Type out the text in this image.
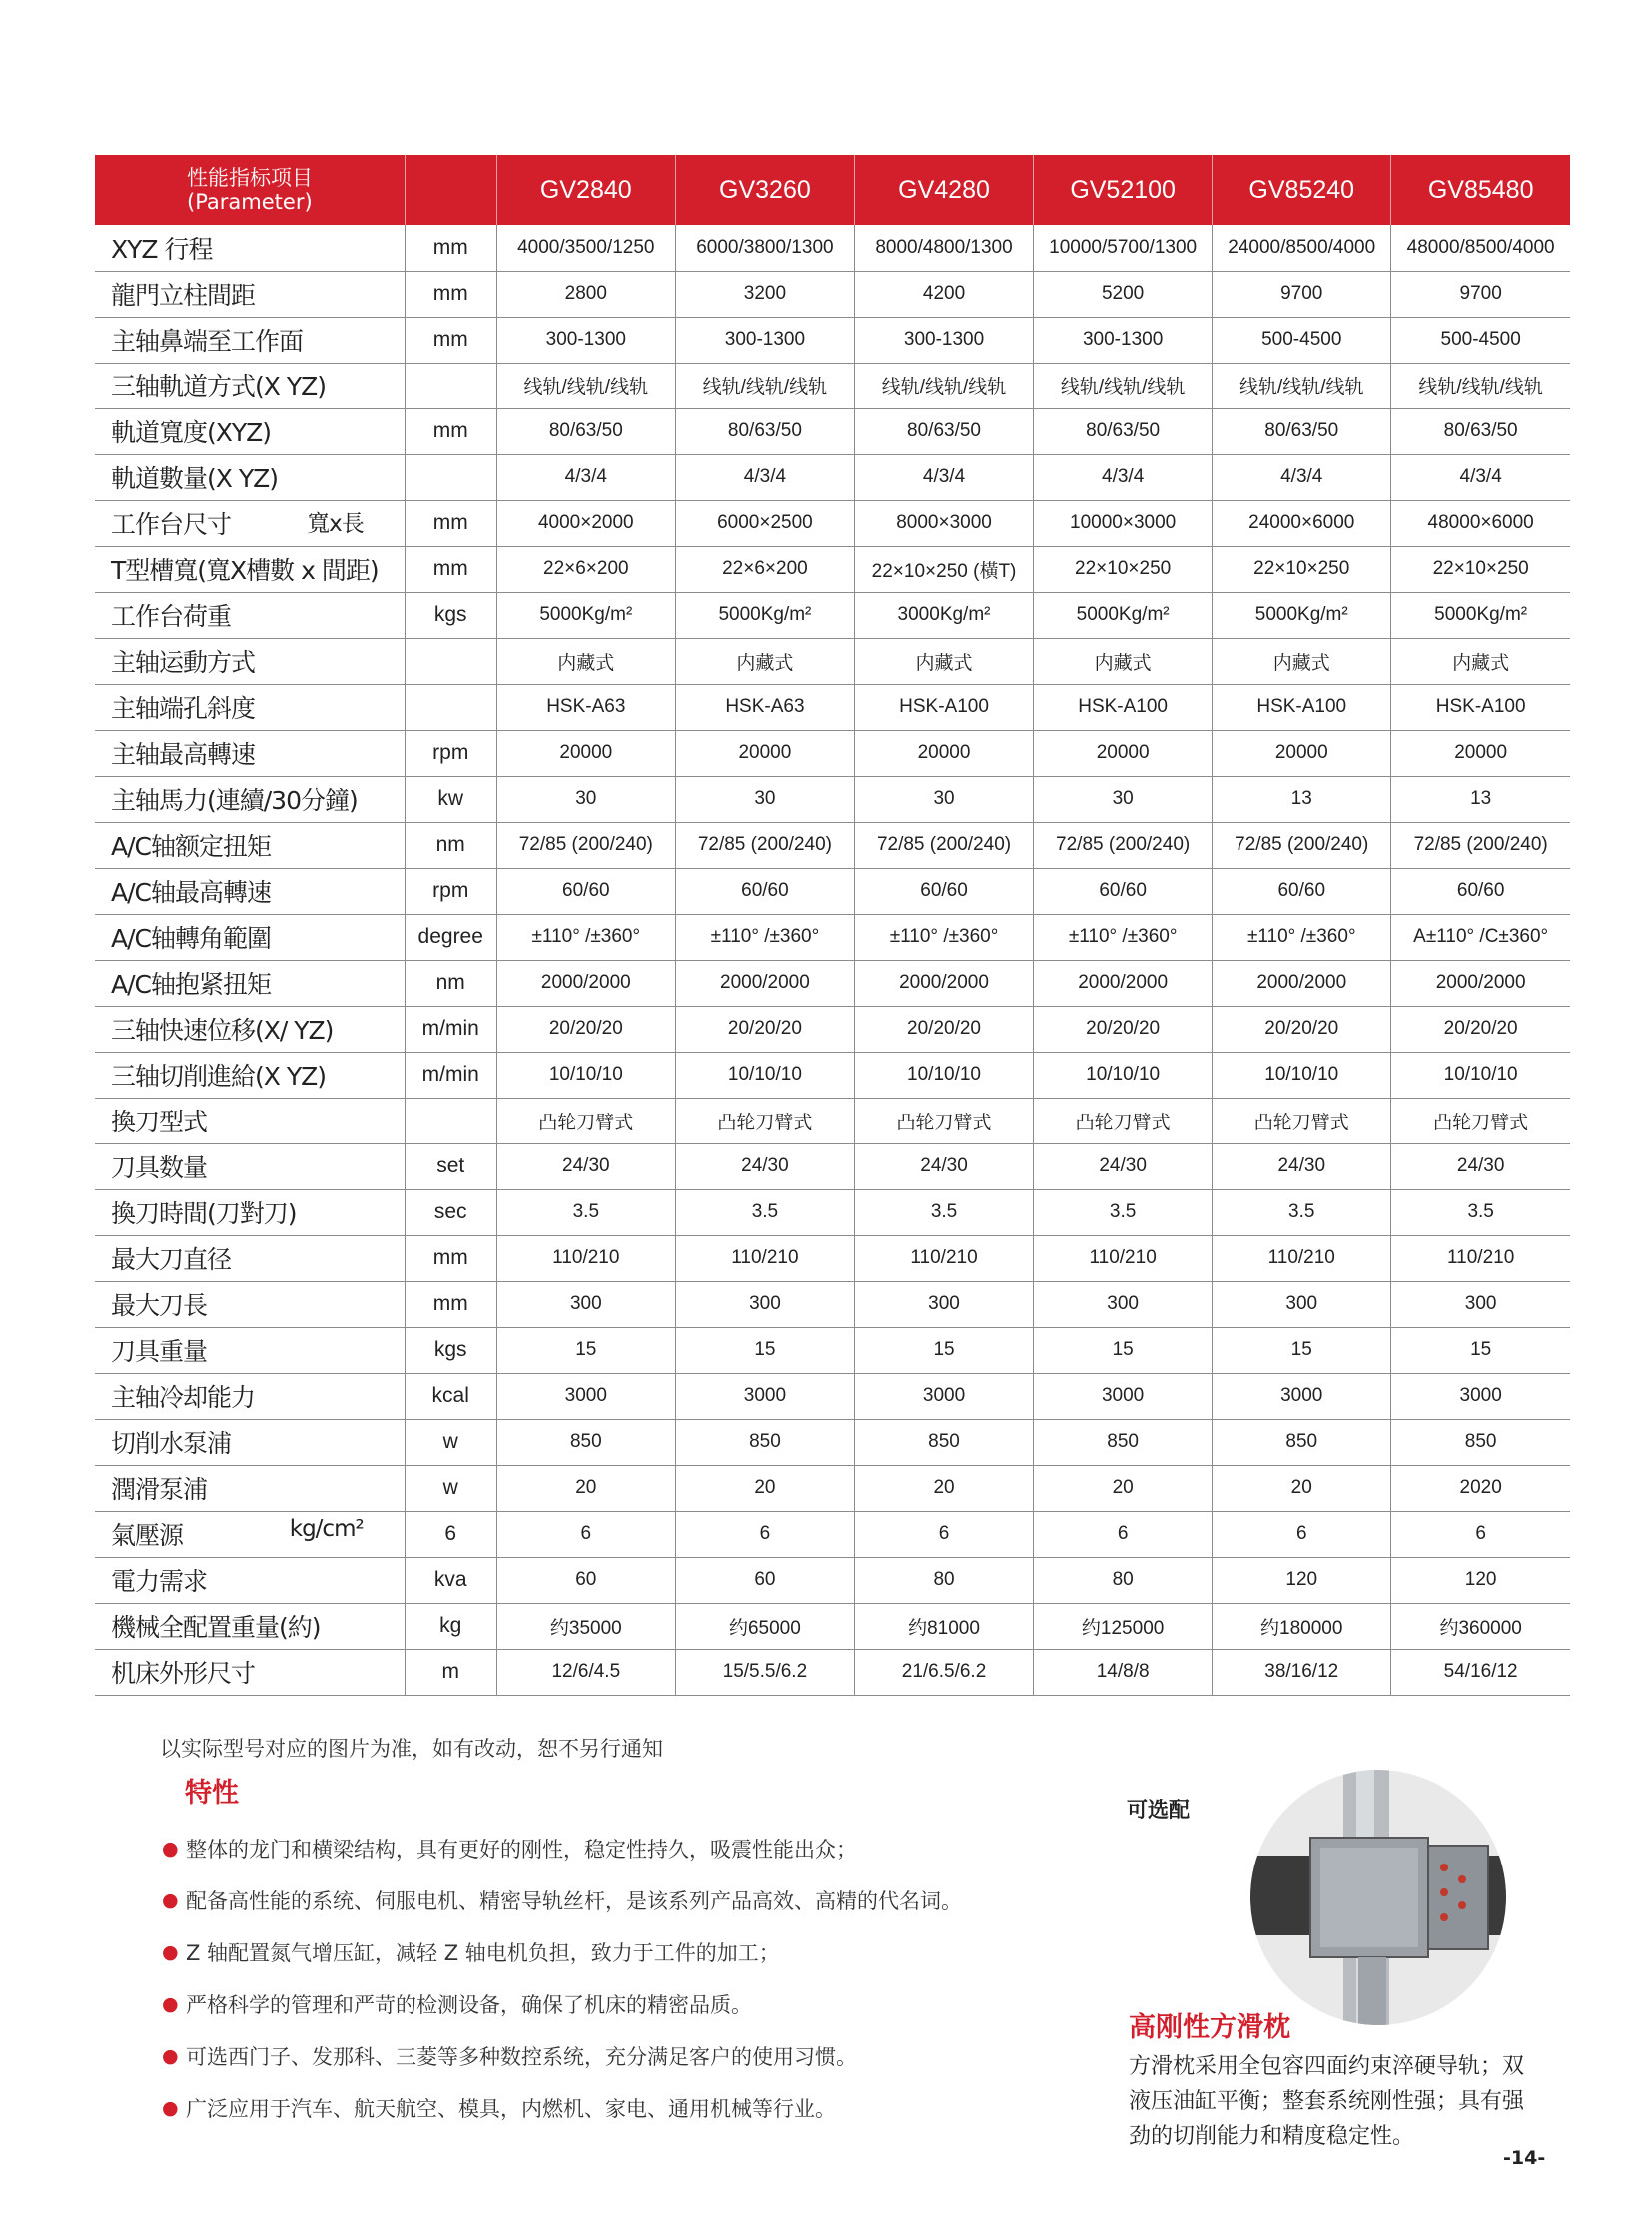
性能指标项目
(Parameter)		GV2840	GV3260	GV4280	GV52100	GV85240	GV85480
XYZ 行程	mm	4000/3500/1250	6000/3800/1300	8000/4800/1300	10000/5700/1300	24000/8500/4000	48000/8500/4000
龍門立柱間距	mm	2800	3200	4200	5200	9700	9700
主轴鼻端至工作面	mm	300-1300	300-1300	300-1300	300-1300	500-4500	500-4500
三轴軌道方式(X YZ)		线轨/线轨/线轨	线轨/线轨/线轨	线轨/线轨/线轨	线轨/线轨/线轨	线轨/线轨/线轨	线轨/线轨/线轨
軌道寬度(XYZ)	mm	80/63/50	80/63/50	80/63/50	80/63/50	80/63/50	80/63/50
軌道數量(X YZ)		4/3/4	4/3/4	4/3/4	4/3/4	4/3/4	4/3/4

工作台尺寸 寬x長	mm	4000×2000	6000×2500	8000×3000	10000×3000	24000×6000	48000×6000
T型槽寬(寬X槽數 x 間距)	mm	22×6×200	22×6×200	22×10×250 (橫T)	22×10×250	22×10×250	22×10×250
工作台荷重	kgs	5000Kg/m²	5000Kg/m²	3000Kg/m²	5000Kg/m²	5000Kg/m²	5000Kg/m²
主轴运動方式		内藏式	内藏式	内藏式	内藏式	内藏式	内藏式
主轴端孔斜度		HSK-A63	HSK-A63	HSK-A100	HSK-A100	HSK-A100	HSK-A100
主轴最高轉速	rpm	20000	20000	20000	20000	20000	20000
主轴馬力(連續/30分鐘)	kw	30	30	30	30	13	13
A/C轴额定扭矩	nm	72/85 (200/240)	72/85 (200/240)	72/85 (200/240)	72/85 (200/240)	72/85 (200/240)	72/85 (200/240)
A/C轴最高轉速	rpm	60/60	60/60	60/60	60/60	60/60	60/60
A/C轴轉角範圍	degree	±110° /±360°	±110° /±360°	±110° /±360°	±110° /±360°	±110° /±360°	A±110° /C±360°
A/C轴抱紧扭矩	nm	2000/2000	2000/2000	2000/2000	2000/2000	2000/2000	2000/2000
三轴快速位移(X/ YZ)	m/min	20/20/20	20/20/20	20/20/20	20/20/20	20/20/20	20/20/20
三轴切削進給(X YZ)	m/min	10/10/10	10/10/10	10/10/10	10/10/10	10/10/10	10/10/10
換刀型式		凸轮刀臂式	凸轮刀臂式	凸轮刀臂式	凸轮刀臂式	凸轮刀臂式	凸轮刀臂式
刀具数量	set	24/30	24/30	24/30	24/30	24/30	24/30
換刀時間(刀對刀)	sec	3.5	3.5	3.5	3.5	3.5	3.5
最大刀直径	mm	110/210	110/210	110/210	110/210	110/210	110/210
最大刀長	mm	300	300	300	300	300	300
刀具重量	kgs	15	15	15	15	15	15
主轴冷却能力	kcal	3000	3000	3000	3000	3000	3000
切削水泵浦	w	850	850	850	850	850	850
潤滑泵浦	w	20	20	20	20	20	2020

氣壓源 kg/cm²	6	6	6	6	6	6	6
電力需求	kva	60	60	80	80	120	120
機械全配置重量(約)	kg	约35000	约65000	约81000	约125000	约180000	约360000
机床外形尺寸	m	12/6/4.5	15/5.5/6.2	21/6.5/6.2	14/8/8	38/16/12	54/16/12
以实际型号对应的图片为准，如有改动，恕不另行通知
特性
● 整体的龙门和横梁结构，具有更好的刚性，稳定性持久，吸震性能出众；
● 配备高性能的系统、伺服电机、精密导轨丝杆，是该系列产品高效、高精的代名词。
● Z 轴配置氮气增压缸，减轻 Z 轴电机负担，致力于工件的加工；
● 严格科学的管理和严苛的检测设备，确保了机床的精密品质。
● 可选西门子、发那科、三菱等多种数控系统，充分满足客户的使用习惯。
● 广泛应用于汽车、航天航空、模具，内燃机、家电、通用机械等行业。
可选配
高刚性方滑枕
方滑枕采用全包容四面约束淬硬导轨；双液压油缸平衡；整套系统刚性强；具有强劲的切削能力和精度稳定性。
-14-
